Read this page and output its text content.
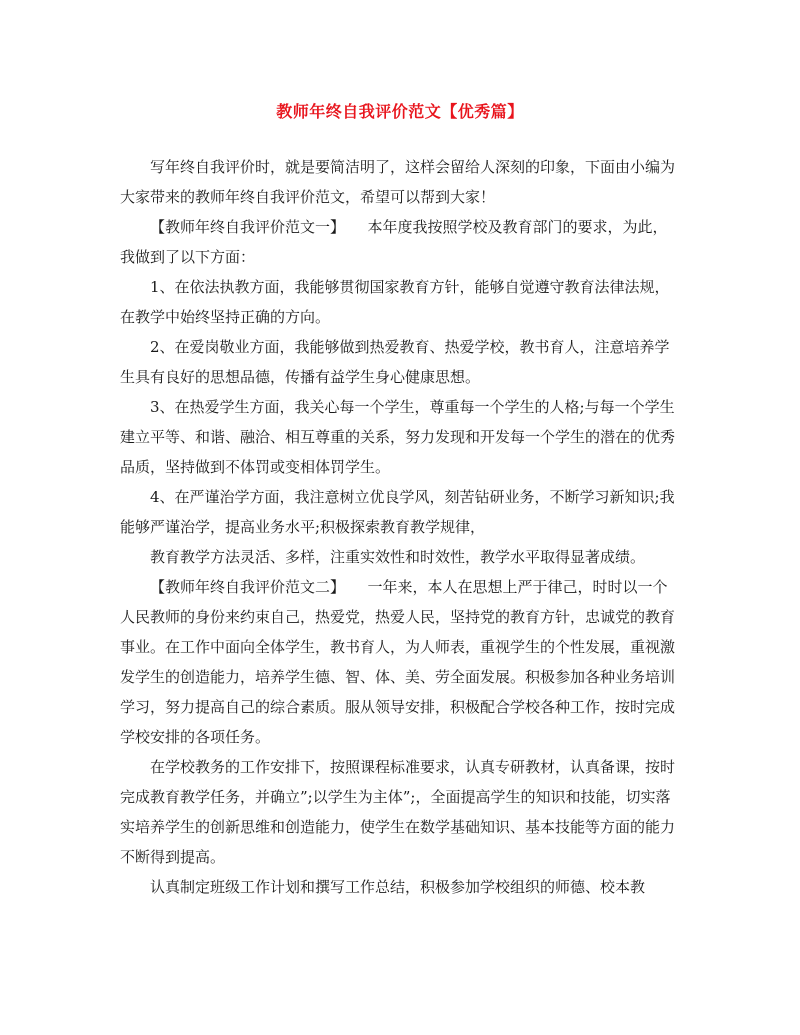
教师年终自我评价范文【优秀篇】

写年终自我评价时，就是要简洁明了，这样会留给人深刻的印象，下面由小编为大家带来的教师年终自我评价范文，希望可以帮到大家！

【教师年终自我评价范文一】　　本年度我按照学校及教育部门的要求，为此，我做到了以下方面：

1、在依法执教方面，我能够贯彻国家教育方针，能够自觉遵守教育法律法规，在教学中始终坚持正确的方向。

2、在爱岗敬业方面，我能够做到热爱教育、热爱学校，教书育人，注意培养学生具有良好的思想品德，传播有益学生身心健康思想。

3、在热爱学生方面，我关心每一个学生，尊重每一个学生的人格;与每一个学生建立平等、和谐、融洽、相互尊重的关系，努力发现和开发每一个学生的潜在的优秀品质，坚持做到不体罚或变相体罚学生。

4、在严谨治学方面，我注意树立优良学风，刻苦钻研业务，不断学习新知识;我能够严谨治学，提高业务水平;积极探索教育教学规律，

教育教学方法灵活、多样，注重实效性和时效性，教学水平取得显著成绩。

【教师年终自我评价范文二】　　一年来，本人在思想上严于律己，时时以一个人民教师的身份来约束自己，热爱党，热爱人民，坚持党的教育方针，忠诚党的教育事业。在工作中面向全体学生，教书育人，为人师表，重视学生的个性发展，重视激发学生的创造能力，培养学生德、智、体、美、劳全面发展。积极参加各种业务培训学习，努力提高自己的综合素质。服从领导安排，积极配合学校各种工作，按时完成学校安排的各项任务。

在学校教务的工作安排下，按照课程标准要求，认真专研教材，认真备课，按时完成教育教学任务，并确立”;以学生为主体”;，全面提高学生的知识和技能，切实落实培养学生的创新思维和创造能力，使学生在数学基础知识、基本技能等方面的能力不断得到提高。

认真制定班级工作计划和撰写工作总结，积极参加学校组织的师德、校本教
